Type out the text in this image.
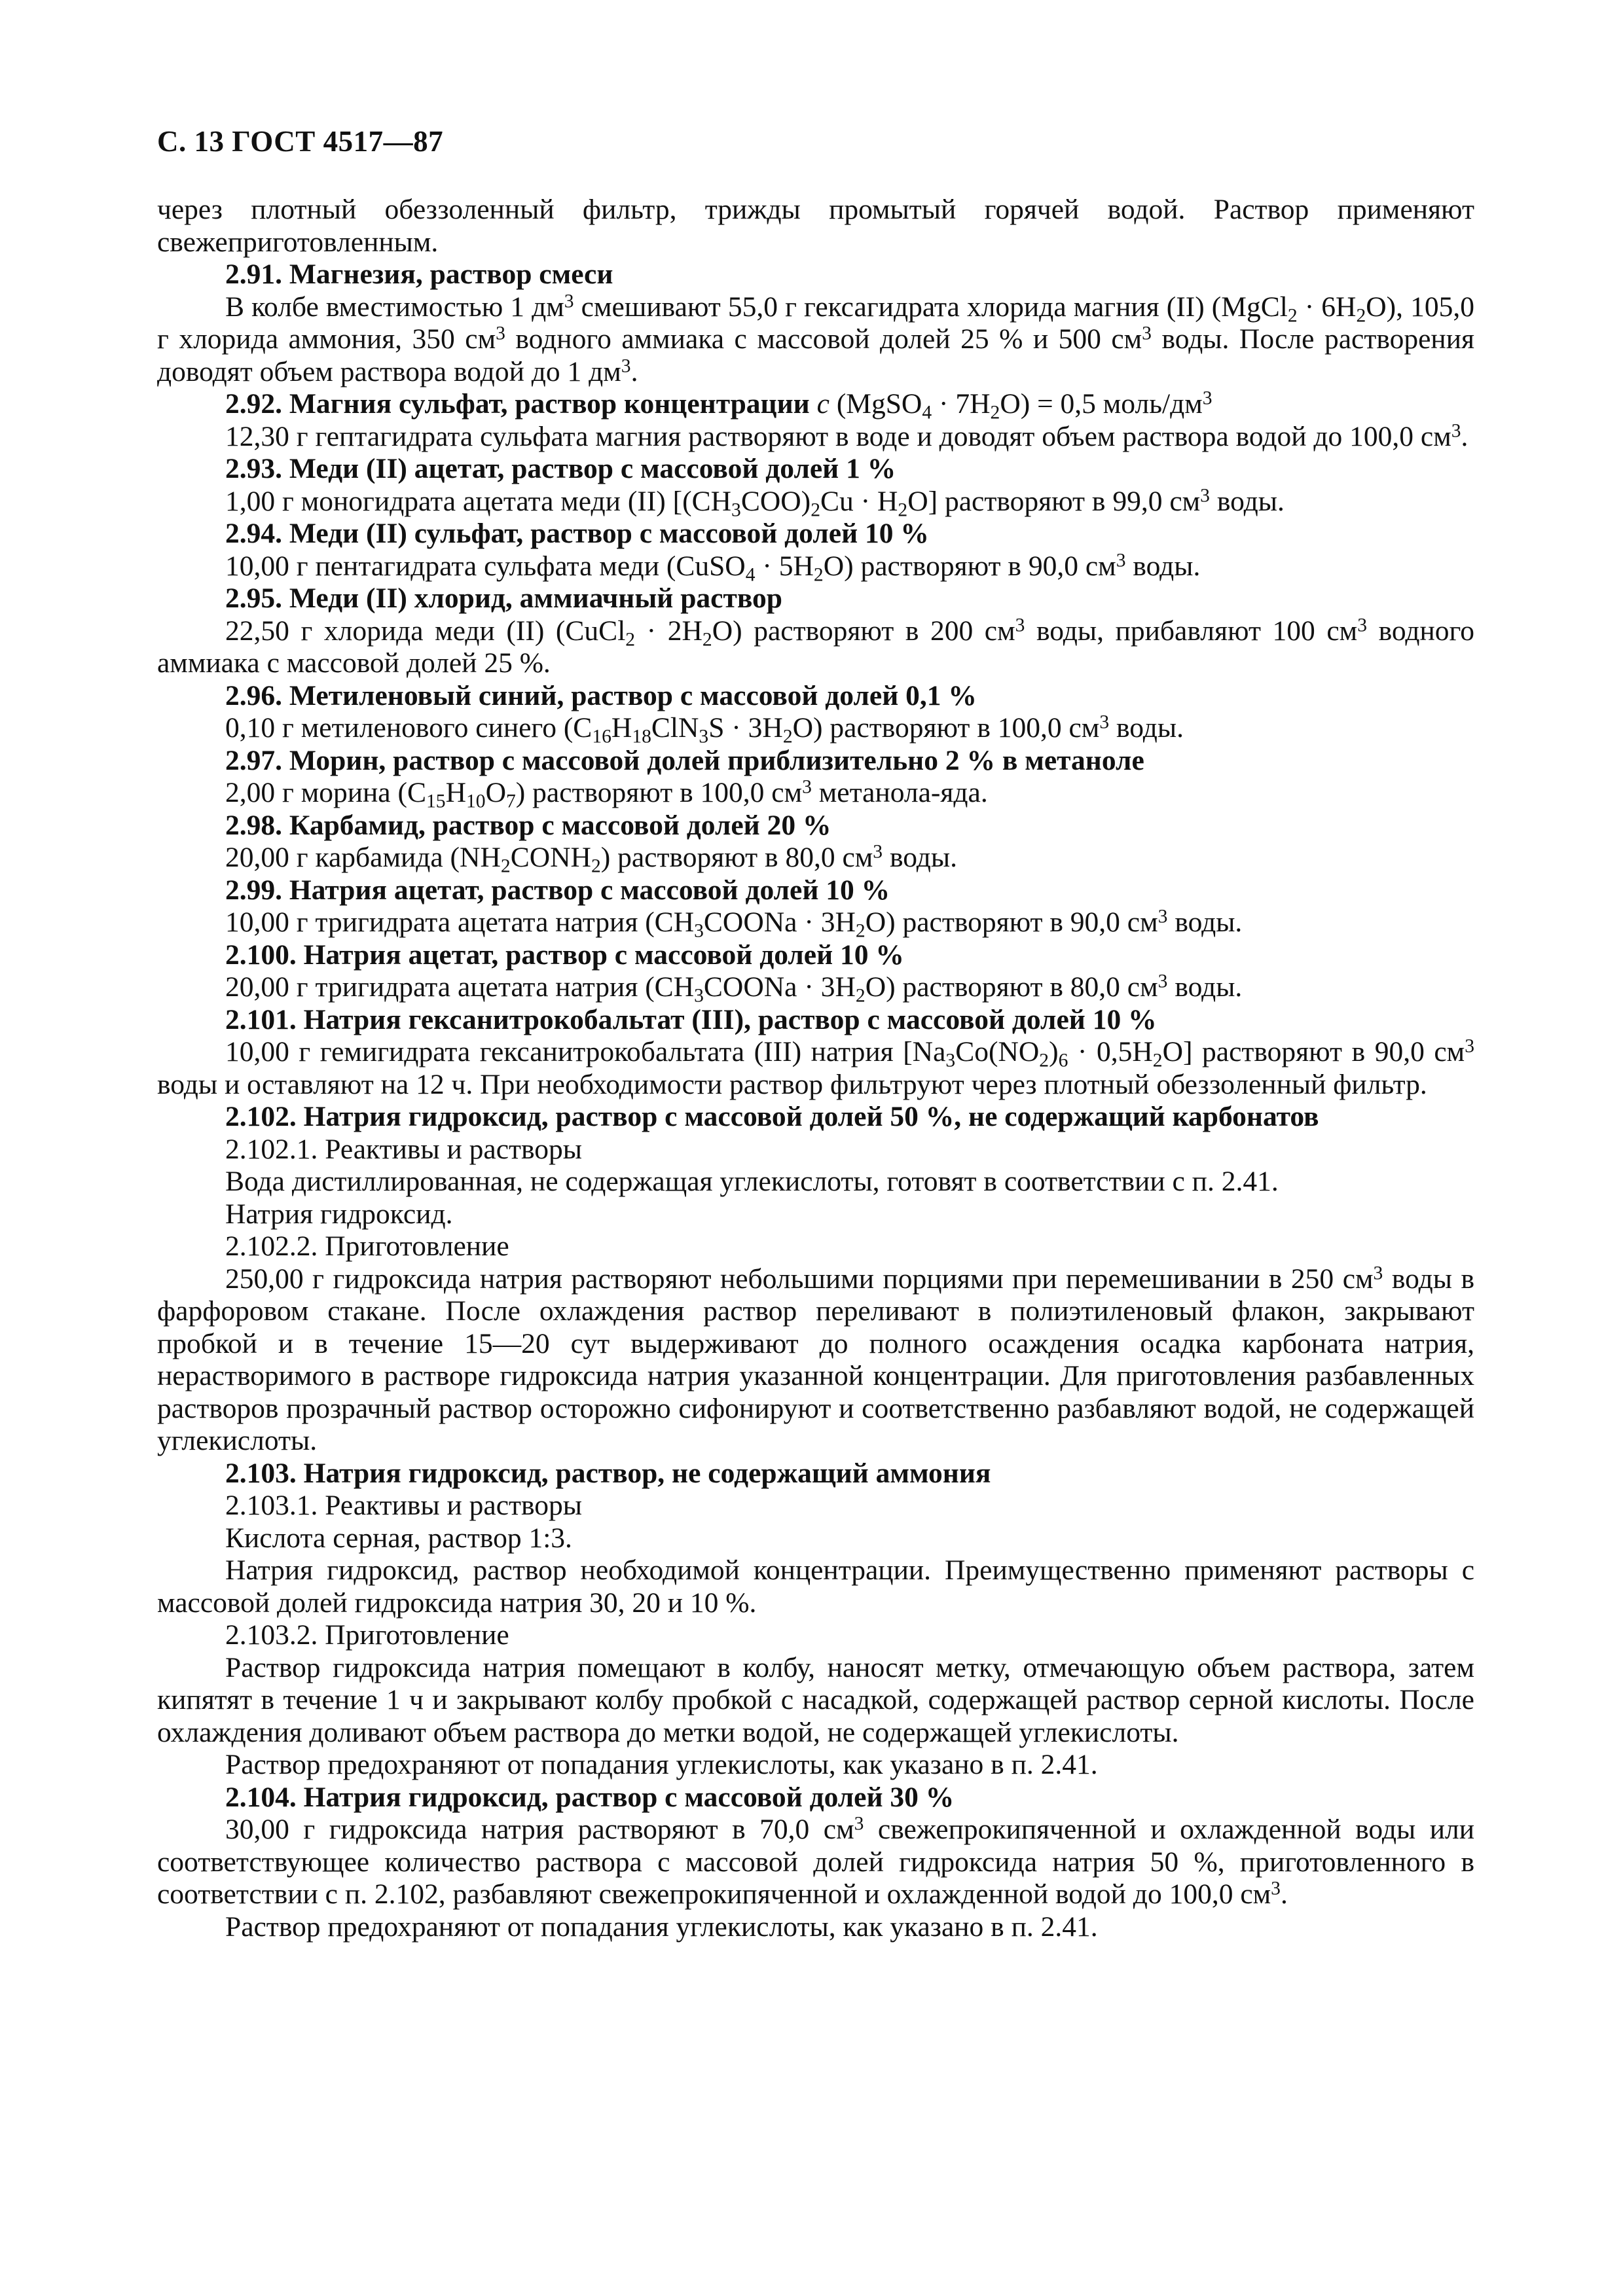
С. 13 ГОСТ 4517—87

через плотный обеззоленный фильтр, трижды промытый горячей водой. Раствор применяют свежеприготовленным.

2.91. Магнезия, раствор смеси

В колбе вместимостью 1 $дм^3$ смешивают 55,0 г гексагидрата хлорида магния (II) (MgCl$_2$ · $6H_2O$), 105,0 г хлорида аммония, 350 $см^3$ водного аммиака с массовой долей 25 % и 500 $см^3$ воды. После растворения доводят объем раствора водой до 1 $дм^3$.

2.92. Магния сульфат, раствор концентрации c (MgSO$_4$ · $7H_2O) = 0,5$ моль/$дм^3$

12,30 г гептагидрата сульфата магния растворяют в воде и доводят объем раствора водой до 100,0 $см^3$.

2.93. Меди (II) ацетат, раствор с массовой долей 1 %

1,00 г моногидрата ацетата меди (II) $[(CH_3COO)_2Cu \cdot H_2O]$ растворяют в 99,0 $см^3$ воды.

2.94. Меди (II) сульфат, раствор с массовой долей 10 %

10,00 г пентагидрата сульфата меди (CuSO$_4$ · $5H_2O$) растворяют в 90,0 $см^3$ воды.

2.95. Меди (II) хлорид, аммиачный раствор

22,50 г хлорида меди (II) (CuCl$_2$ · $2H_2O$) растворяют в 200 $см^3$ воды, прибавляют 100 $см^3$ водного аммиака с массовой долей 25 %.

2.96. Метиленовый синий, раствор с массовой долей 0,1 %

0,10 г метиленового синего $(C_{16}H_{18}ClN_3S \cdot 3H_2O)$ растворяют в 100,0 $см^3$ воды.

2.97. Морин, раствор с массовой долей приблизительно 2 % в метаноле

2,00 г морина $(C_{15}H_{10}O_7)$ растворяют в 100,0 $см^3$ метанола-яда.

2.98. Карбамид, раствор с массовой долей 20 %

20,00 г карбамида $(NH_2CONH_2)$ растворяют в 80,0 $см^3$ воды.

2.99. Натрия ацетат, раствор с массовой долей 10 %

10,00 г тригидрата ацетата натрия $(CH_3COONa \cdot 3H_2O)$ растворяют в 90,0 $см^3$ воды.

2.100. Натрия ацетат, раствор с массовой долей 10 %

20,00 г тригидрата ацетата натрия $(CH_3COONa \cdot 3H_2O)$ растворяют в 80,0 $см^3$ воды.

2.101. Натрия гексанитрокобальтат (III), раствор с массовой долей 10 %

10,00 г гемигидрата гексанитрокобальтата (III) натрия $[Na_3Co(NO_2)_6 \cdot 0,5H_2O]$ растворяют в 90,0 $см^3$ воды и оставляют на 12 ч. При необходимости раствор фильтруют через плотный обеззоленный фильтр.

2.102. Натрия гидроксид, раствор с массовой долей 50 %, не содержащий карбонатов

2.102.1. Реактивы и растворы

Вода дистиллированная, не содержащая углекислоты, готовят в соответствии с п. 2.41.

Натрия гидроксид.

2.102.2. Приготовление

250,00 г гидроксида натрия растворяют небольшими порциями при перемешивании в 250 $см^3$ воды в фарфоровом стакане. После охлаждения раствор переливают в полиэтиленовый флакон, закрывают пробкой и в течение 15—20 сут выдерживают до полного осаждения осадка карбоната натрия, нерастворимого в растворе гидроксида натрия указанной концентрации. Для приготовления разбавленных растворов прозрачный раствор осторожно сифонируют и соответственно разбавляют водой, не содержащей углекислоты.

2.103. Натрия гидроксид, раствор, не содержащий аммония

2.103.1. Реактивы и растворы

Кислота серная, раствор 1:3.

Натрия гидроксид, раствор необходимой концентрации. Преимущественно применяют растворы с массовой долей гидроксида натрия 30, 20 и 10 %.

2.103.2. Приготовление

Раствор гидроксида натрия помещают в колбу, наносят метку, отмечающую объем раствора, затем кипятят в течение 1 ч и закрывают колбу пробкой с насадкой, содержащей раствор серной кислоты. После охлаждения доливают объем раствора до метки водой, не содержащей углекислоты.

Раствор предохраняют от попадания углекислоты, как указано в п. 2.41.

2.104. Натрия гидроксид, раствор с массовой долей 30 %

30,00 г гидроксида натрия растворяют в 70,0 $см^3$ свежепрокипяченной и охлажденной воды или соответствующее количество раствора с массовой долей гидроксида натрия 50 %, приготовленного в соответствии с п. 2.102, разбавляют свежепрокипяченной и охлажденной водой до 100,0 $см^3$.

Раствор предохраняют от попадания углекислоты, как указано в п. 2.41.
